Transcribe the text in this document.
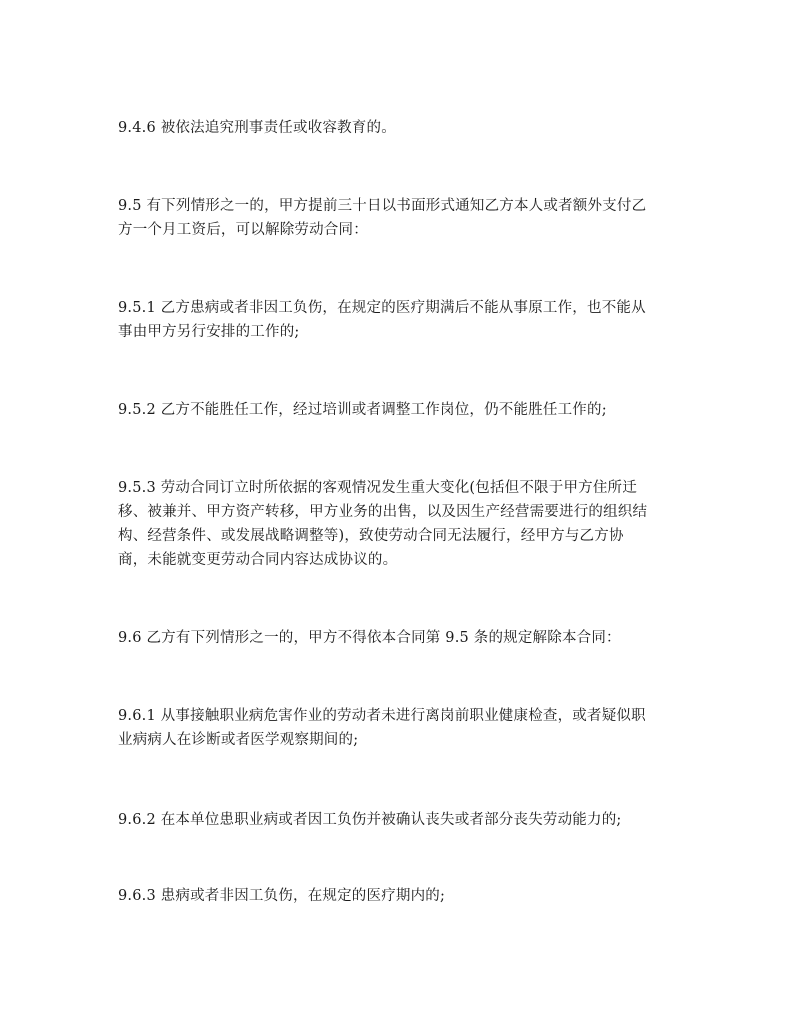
9.4.6 被依法追究刑事责任或收容教育的。

9.5 有下列情形之一的，甲方提前三十日以书面形式通知乙方本人或者额外支付乙
方一个月工资后，可以解除劳动合同：

9.5.1 乙方患病或者非因工负伤，在规定的医疗期满后不能从事原工作，也不能从
事由甲方另行安排的工作的;

9.5.2 乙方不能胜任工作，经过培训或者调整工作岗位，仍不能胜任工作的;

9.5.3 劳动合同订立时所依据的客观情况发生重大变化(包括但不限于甲方住所迁
移、被兼并、甲方资产转移，甲方业务的出售，以及因生产经营需要进行的组织结
构、经营条件、或发展战略调整等)，致使劳动合同无法履行，经甲方与乙方协
商，未能就变更劳动合同内容达成协议的。

9.6 乙方有下列情形之一的，甲方不得依本合同第 9.5 条的规定解除本合同：

9.6.1 从事接触职业病危害作业的劳动者未进行离岗前职业健康检查，或者疑似职
业病病人在诊断或者医学观察期间的;

9.6.2 在本单位患职业病或者因工负伤并被确认丧失或者部分丧失劳动能力的;

9.6.3 患病或者非因工负伤，在规定的医疗期内的;
